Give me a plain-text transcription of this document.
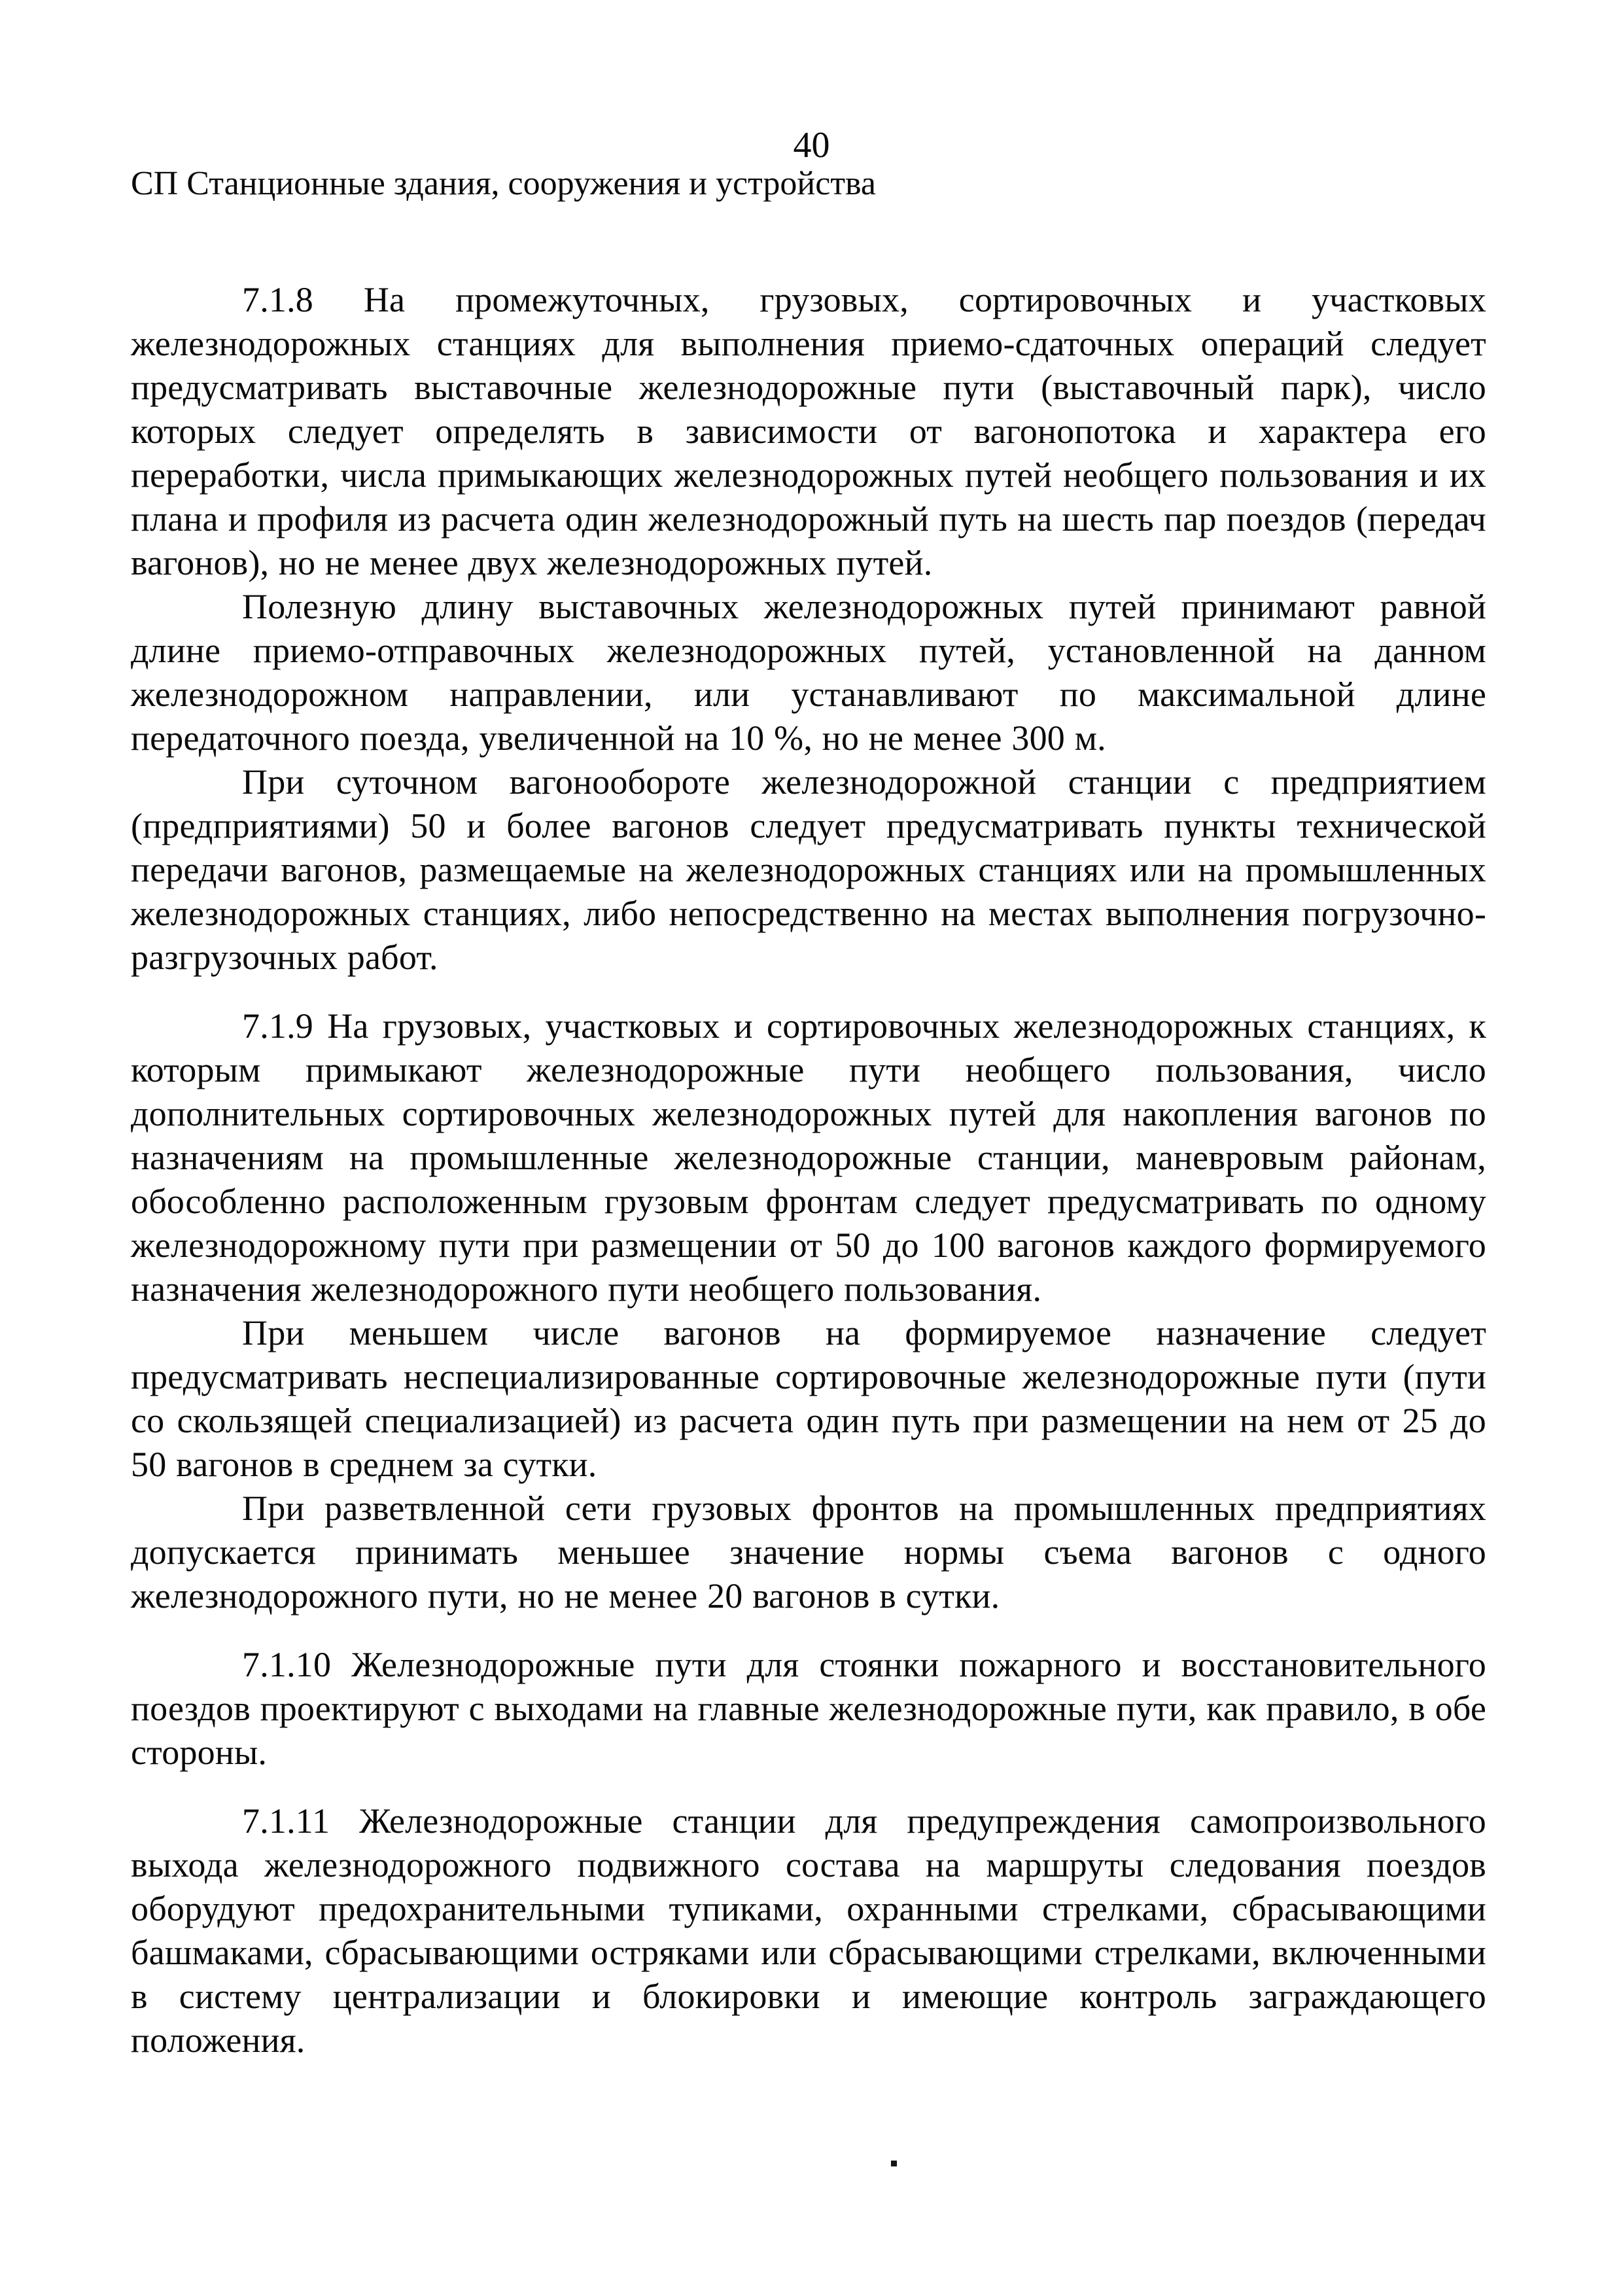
40
СП Станционные здания, сооружения и устройства

7.1.8 На промежуточных, грузовых, сортировочных и участковых железнодорожных станциях для выполнения приемо-сдаточных операций следует предусматривать выставочные железнодорожные пути (выставочный парк), число которых следует определять в зависимости от вагонопотока и характера его переработки, числа примыкающих железнодорожных путей необщего пользования и их плана и профиля из расчета один железнодорожный путь на шесть пар поездов (передач вагонов), но не менее двух железнодорожных путей.

Полезную длину выставочных железнодорожных путей принимают равной длине приемо-отправочных железнодорожных путей, установленной на данном железнодорожном направлении, или устанавливают по максимальной длине передаточного поезда, увеличенной на 10 %, но не менее 300 м.

При суточном вагонообороте железнодорожной станции с предприятием (предприятиями) 50 и более вагонов следует предусматривать пункты технической передачи вагонов, размещаемые на железнодорожных станциях или на промышленных железнодорожных станциях, либо непосредственно на местах выполнения погрузочно-разгрузочных работ.

7.1.9 На грузовых, участковых и сортировочных железнодорожных станциях, к которым примыкают железнодорожные пути необщего пользования, число дополнительных сортировочных железнодорожных путей для накопления вагонов по назначениям на промышленные железнодорожные станции, маневровым районам, обособленно расположенным грузовым фронтам следует предусматривать по одному железнодорожному пути при размещении от 50 до 100 вагонов каждого формируемого назначения железнодорожного пути необщего пользования.

При меньшем числе вагонов на формируемое назначение следует предусматривать неспециализированные сортировочные железнодорожные пути (пути со скользящей специализацией) из расчета один путь при размещении на нем от 25 до 50 вагонов в среднем за сутки.

При разветвленной сети грузовых фронтов на промышленных предприятиях допускается принимать меньшее значение нормы съема вагонов с одного железнодорожного пути, но не менее 20 вагонов в сутки.

7.1.10 Железнодорожные пути для стоянки пожарного и восстановительного поездов проектируют с выходами на главные железнодорожные пути, как правило, в обе стороны.

7.1.11 Железнодорожные станции для предупреждения самопроизвольного выхода железнодорожного подвижного состава на маршруты следования поездов оборудуют предохранительными тупиками, охранными стрелками, сбрасывающими башмаками, сбрасывающими остряками или сбрасывающими стрелками, включенными в систему централизации и блокировки и имеющие контроль заграждающего положения.
